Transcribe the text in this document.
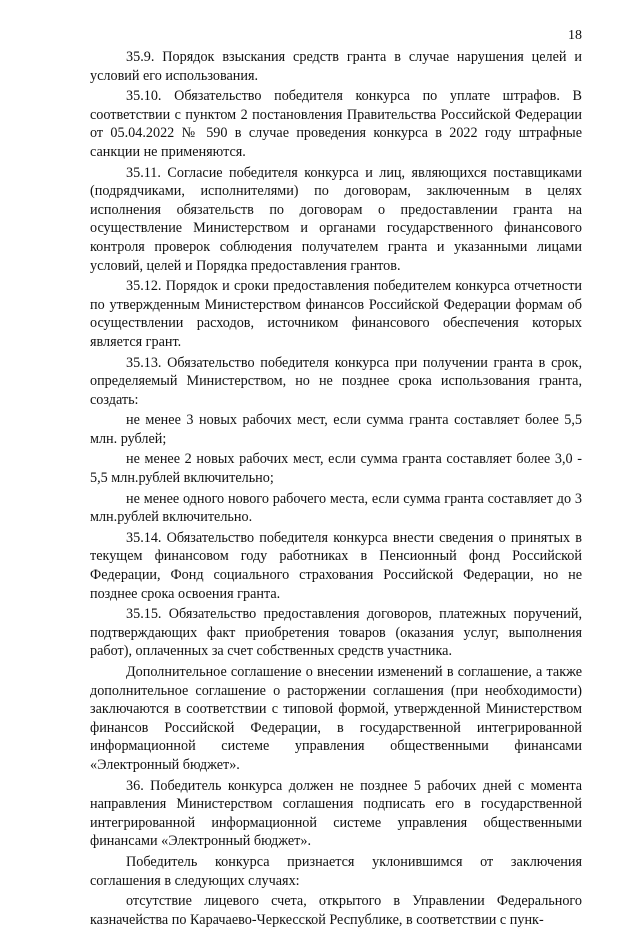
18

35.9. Порядок взыскания средств гранта в случае нарушения целей и условий его использования.

35.10. Обязательство победителя конкурса по уплате штрафов. В соответствии с пунктом 2 постановления Правительства Российской Федерации от 05.04.2022 № 590 в случае проведения конкурса в 2022 году штрафные санкции не применяются.

35.11. Согласие победителя конкурса и лиц, являющихся поставщиками (подрядчиками, исполнителями) по договорам, заключенным в целях исполнения обязательств по договорам о предоставлении гранта на осуществление Министерством и органами государственного финансового контроля проверок соблюдения получателем гранта и указанными лицами условий, целей и Порядка предоставления грантов.

35.12. Порядок и сроки предоставления победителем конкурса отчетности по утвержденным Министерством финансов Российской Федерации формам об осуществлении расходов, источником финансового обеспечения которых является грант.

35.13. Обязательство победителя конкурса при получении гранта в срок, определяемый Министерством, но не позднее срока использования гранта, создать:

не менее 3 новых рабочих мест, если сумма гранта составляет более 5,5 млн. рублей;

не менее 2 новых рабочих мест, если сумма гранта составляет более 3,0 - 5,5 млн.рублей включительно;

не менее одного нового рабочего места, если сумма гранта составляет до 3 млн.рублей включительно.

35.14. Обязательство победителя конкурса внести сведения о принятых в текущем финансовом году работниках в Пенсионный фонд Российской Федерации, Фонд социального страхования Российской Федерации, но не позднее срока освоения гранта.

35.15. Обязательство предоставления договоров, платежных поручений, подтверждающих факт приобретения товаров (оказания услуг, выполнения работ), оплаченных за счет собственных средств участника.

Дополнительное соглашение о внесении изменений в соглашение, а также дополнительное соглашение о расторжении соглашения (при необходимости) заключаются в соответствии с типовой формой, утвержденной Министерством финансов Российской Федерации, в государственной интегрированной информационной системе управления общественными финансами «Электронный бюджет».

36. Победитель конкурса должен не позднее 5 рабочих дней с момента направления Министерством соглашения подписать его в государственной интегрированной информационной системе управления общественными финансами «Электронный бюджет».

Победитель конкурса признается уклонившимся от заключения соглашения в следующих случаях:

отсутствие лицевого счета, открытого в Управлении Федерального казначейства по Карачаево-Черкесской Республике, в соответствии с пунк-
